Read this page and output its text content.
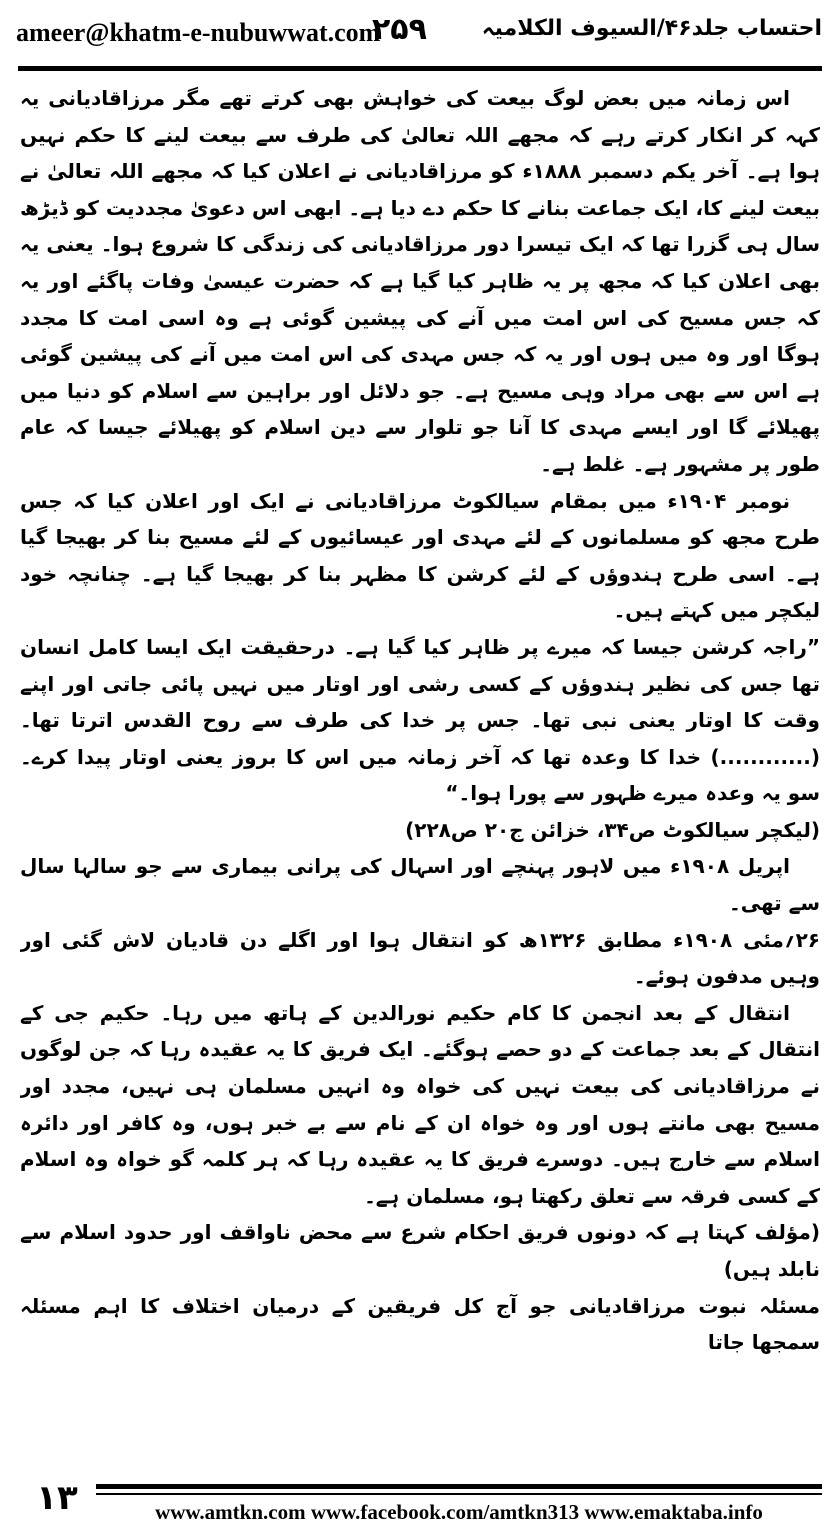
ameer@khatm-e-nubuwwat.com
۲۵۹ احتساب جلد۴۶/السیوف الکلامیہ

اس زمانہ میں بعض لوگ بیعت کی خواہش بھی کرتے تھے مگر مرزاقادیانی یہ کہہ کر انکار کرتے رہے کہ مجھے اللہ تعالیٰ کی طرف سے بیعت لینے کا حکم نہیں ہوا ہے۔ آخر یکم دسمبر ۱۸۸۸ء کو مرزاقادیانی نے اعلان کیا کہ مجھے اللہ تعالیٰ نے بیعت لینے کا، ایک جماعت بنانے کا حکم دے دیا ہے۔ ابھی اس دعویٰ مجددیت کو ڈیڑھ سال ہی گزرا تھا کہ ایک تیسرا دور مرزاقادیانی کی زندگی کا شروع ہوا۔ یعنی یہ بھی اعلان کیا کہ مجھ پر یہ ظاہر کیا گیا ہے کہ حضرت عیسیٰ وفات پاگئے اور یہ کہ جس مسیح کی اس امت میں آنے کی پیشین گوئی ہے وہ اسی امت کا مجدد ہوگا اور وہ میں ہوں اور یہ کہ جس مہدی کی اس امت میں آنے کی پیشین گوئی ہے اس سے بھی مراد وہی مسیح ہے۔ جو دلائل اور براہین سے اسلام کو دنیا میں پھیلائے گا اور ایسے مہدی کا آنا جو تلوار سے دین اسلام کو پھیلائے جیسا کہ عام طور پر مشہور ہے۔ غلط ہے۔

نومبر ۱۹۰۴ء میں بمقام سیالکوٹ مرزاقادیانی نے ایک اور اعلان کیا کہ جس طرح مجھ کو مسلمانوں کے لئے مہدی اور عیسائیوں کے لئے مسیح بنا کر بھیجا گیا ہے۔ اسی طرح ہندوؤں کے لئے کرشن کا مظہر بنا کر بھیجا گیا ہے۔ چنانچہ خود لیکچر میں کہتے ہیں۔

”راجہ کرشن جیسا کہ میرے پر ظاہر کیا گیا ہے۔ درحقیقت ایک ایسا کامل انسان تھا جس کی نظیر ہندوؤں کے کسی رشی اور اوتار میں نہیں پائی جاتی اور اپنے وقت کا اوتار یعنی نبی تھا۔ جس پر خدا کی طرف سے روح القدس اترتا تھا۔(............) خدا کا وعدہ تھا کہ آخر زمانہ میں اس کا بروز یعنی اوتار پیدا کرے۔ سو یہ وعدہ میرے ظہور سے پورا ہوا۔“

(لیکچر سیالکوٹ ص۳۴، خزائن ج۲۰ ص۲۲۸)

اپریل ۱۹۰۸ء میں لاہور پہنچے اور اسہال کی پرانی بیماری سے جو سالہا سال سے تھی۔

۲۶؍مئی ۱۹۰۸ء مطابق ۱۳۲۶ھ کو انتقال ہوا اور اگلے دن قادیان لاش گئی اور وہیں مدفون ہوئے۔

انتقال کے بعد انجمن کا کام حکیم نورالدین کے ہاتھ میں رہا۔ حکیم جی کے انتقال کے بعد جماعت کے دو حصے ہوگئے۔ ایک فریق کا یہ عقیدہ رہا کہ جن لوگوں نے مرزاقادیانی کی بیعت نہیں کی خواہ وہ انہیں مسلمان ہی نہیں، مجدد اور مسیح بھی مانتے ہوں اور وہ خواہ ان کے نام سے بے خبر ہوں، وہ کافر اور دائرہ اسلام سے خارج ہیں۔ دوسرے فریق کا یہ عقیدہ رہا کہ ہر کلمہ گو خواہ وہ اسلام کے کسی فرقہ سے تعلق رکھتا ہو، مسلمان ہے۔

(مؤلف کہتا ہے کہ دونوں فریق احکام شرع سے محض ناواقف اور حدود اسلام سے نابلد ہیں)

مسئلہ نبوت مرزاقادیانی جو آج کل فریقین کے درمیان اختلاف کا اہم مسئلہ سمجھا جاتا

۱۳	www.amtkn.com www.facebook.com/amtkn313 www.emaktaba.info
